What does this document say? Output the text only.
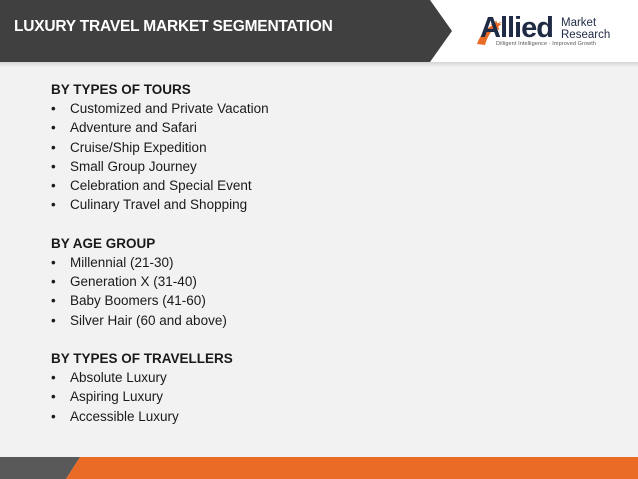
LUXURY TRAVEL MARKET SEGMENTATION	Allied Market
Research
Dilligent Intelligence · Improved Growth

BY TYPES OF TOURS

• Customized and Private Vacation
• Adventure and Safari
• Cruise/Ship Expedition
• Small Group Journey
• Celebration and Special Event
• Culinary Travel and Shopping

BY AGE GROUP

• Millennial (21-30)
• Generation X (31-40)
• Baby Boomers (41-60)
• Silver Hair (60 and above)

BY TYPES OF TRAVELLERS

• Absolute Luxury
• Aspiring Luxury
• Accessible Luxury
